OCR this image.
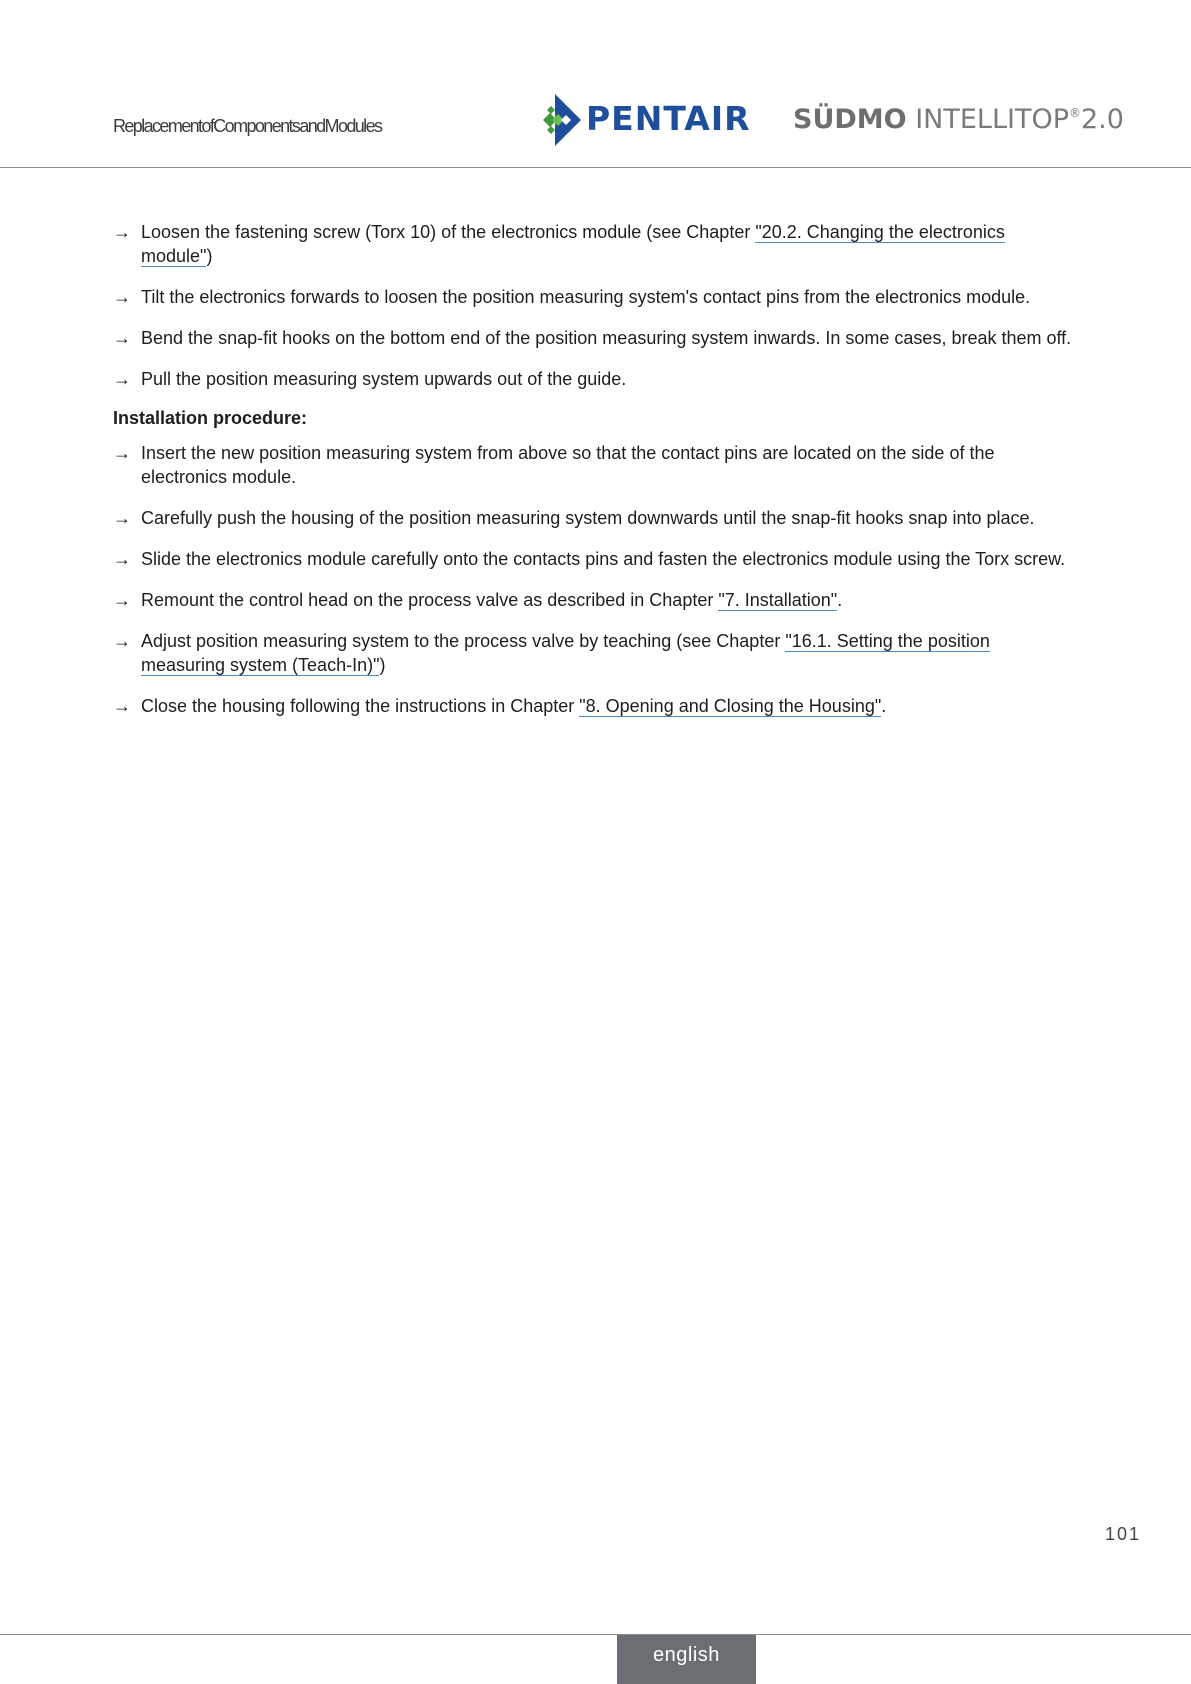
ReplacementofComponentsandModules	PENTAIR SÜDMO INTELLITOP®2.0
→ Loosen the fastening screw (Torx 10) of the electronics module (see Chapter "20.2. Changing the electronics module")
→ Tilt the electronics forwards to loosen the position measuring system's contact pins from the electronics module.
→ Bend the snap-fit hooks on the bottom end of the position measuring system inwards. In some cases, break them off.
→ Pull the position measuring system upwards out of the guide.
Installation procedure:
→ Insert the new position measuring system from above so that the contact pins are located on the side of the electronics module.
→ Carefully push the housing of the position measuring system downwards until the snap-fit hooks snap into place.
→ Slide the electronics module carefully onto the contacts pins and fasten the electronics module using the Torx screw.
→ Remount the control head on the process valve as described in Chapter "7. Installation".
→ Adjust position measuring system to the process valve by teaching (see Chapter "16.1. Setting the position measuring system (Teach-In)")
→ Close the housing following the instructions in Chapter "8. Opening and Closing the Housing".
101
english
